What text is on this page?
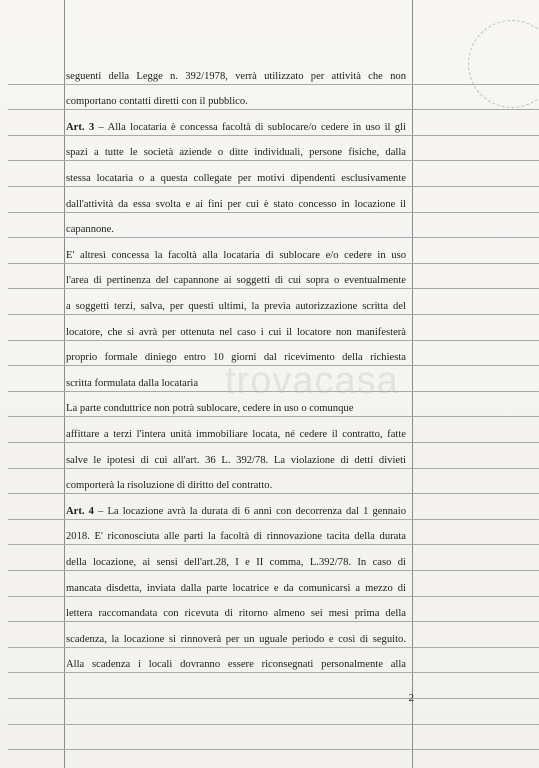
seguenti della Legge n. 392/1978, verrà utilizzato per attività che non
comportano contatti diretti con il pubblico.
Art. 3 – Alla locataria è concessa facoltà di sublocare/o cedere in uso il gli
spazi a tutte le società aziende o ditte individuali, persone fisiche, dalla
stessa locataria o a questa collegate per motivi dipendenti esclusivamente
dall'attività da essa svolta e ai fini per cui è stato concesso in locazione il
capannone.
E' altresì concessa la facoltà alla locataria di sublocare e/o cedere in uso
l'area di pertinenza del capannone ai soggetti di cui sopra o eventualmente
a soggetti terzi, salva, per questi ultimi, la previa autorizzazione scritta del
locatore, che si avrà per ottenuta nel caso i cui il locatore non manifesterà
proprio formale diniego entro 10 giorni dal ricevimento della richiesta
scritta formulata dalla locataria
La parte conduttrice non potrà sublocare, cedere in uso o comunque
affittare a terzi l'intera unità immobiliare locata, né cedere il contratto, fatte
salve le ipotesi di cui all'art. 36 L. 392/78. La violazione di detti divieti
comporterà la risoluzione di diritto del contratto.
Art. 4 – La locazione avrà la durata di 6 anni con decorrenza dal 1 gennaio
2018. E' riconosciuta alle parti la facoltà di rinnovazione tacita della durata
della locazione, ai sensi dell'art.28, I e II comma, L.392/78. In caso di
mancata disdetta, inviata dalla parte locatrice e da comunicarsi a mezzo di
lettera raccomandata con ricevuta di ritorno almeno sei mesi prima della
scadenza, la locazione si rinnoverà per un uguale periodo e così di seguito.
Alla scadenza i locali dovranno essere riconsegnati personalmente alla
trovacasa
2
